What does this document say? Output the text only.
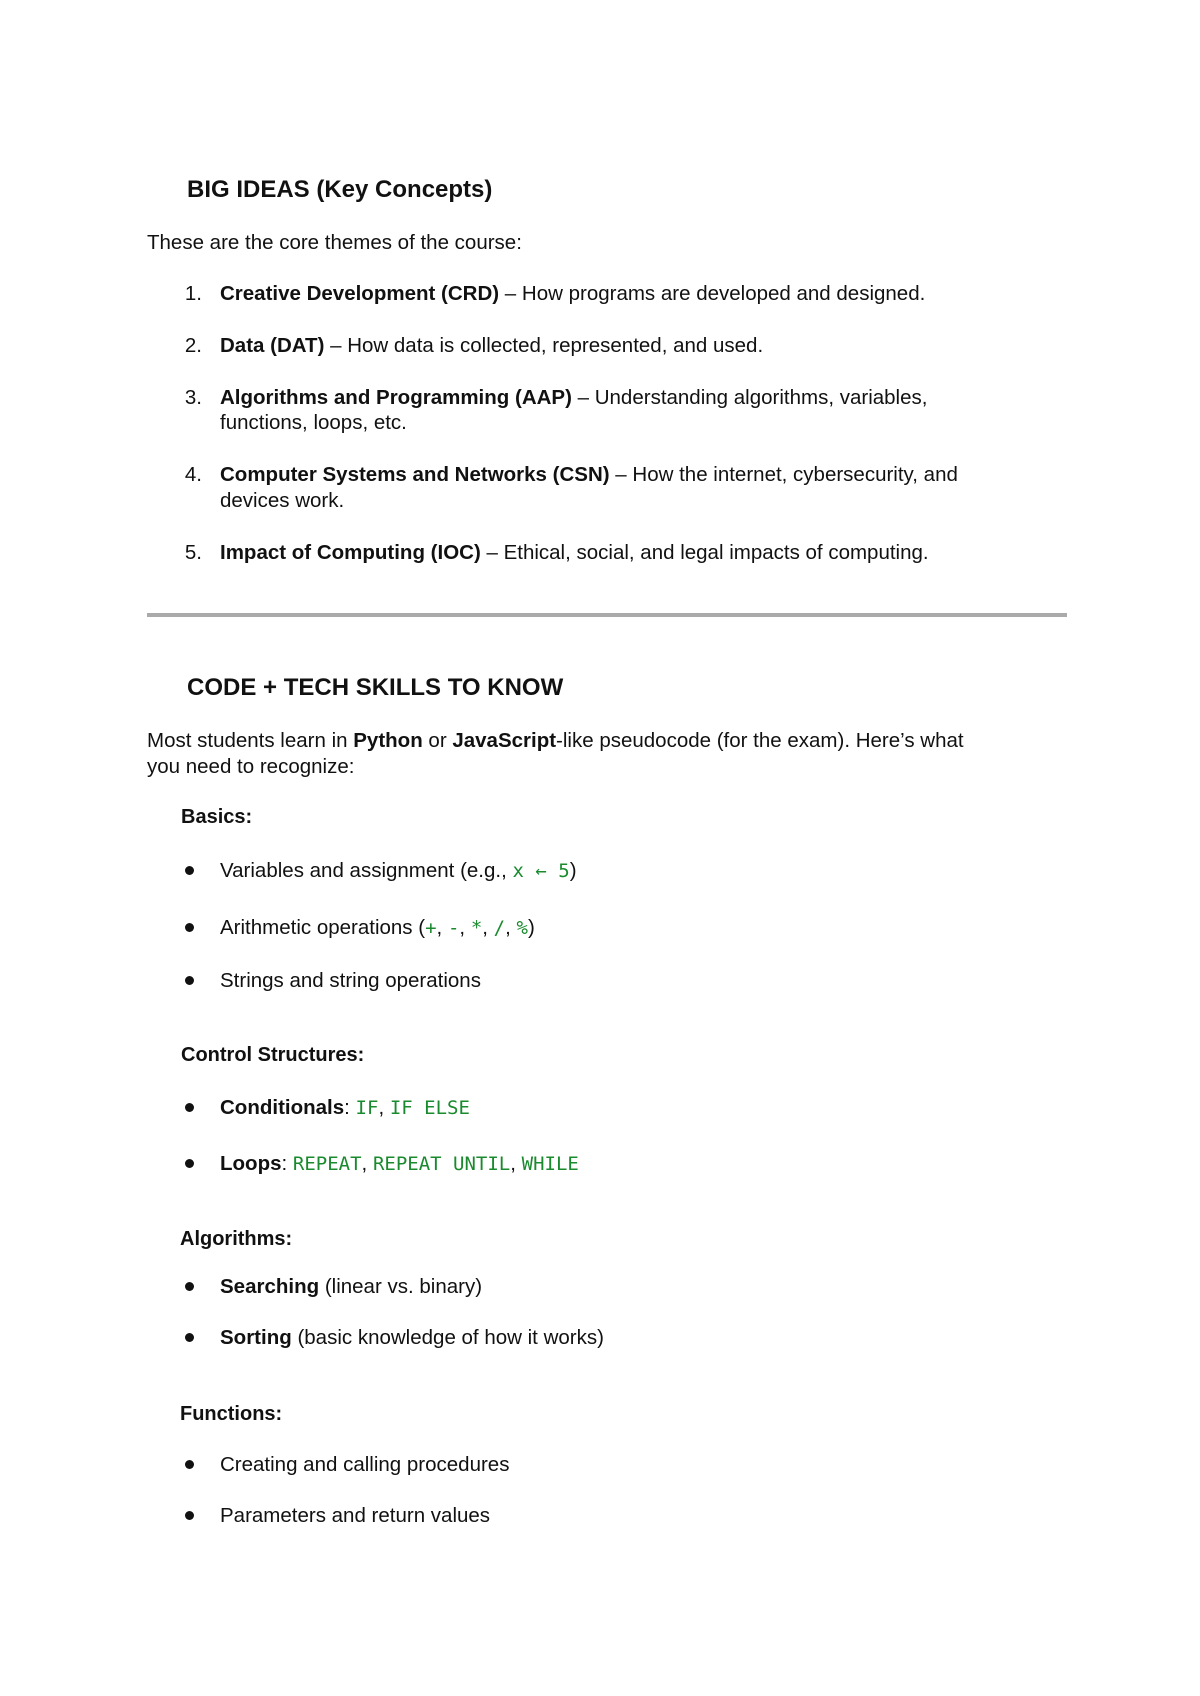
BIG IDEAS (Key Concepts)

These are the core themes of the course:

1. Creative Development (CRD) – How programs are developed and designed.
2. Data (DAT) – How data is collected, represented, and used.
3. Algorithms and Programming (AAP) – Understanding algorithms, variables,
functions, loops, etc.
4. Computer Systems and Networks (CSN) – How the internet, cybersecurity, and
devices work.
5. Impact of Computing (IOC) – Ethical, social, and legal impacts of computing.
CODE + TECH SKILLS TO KNOW

Most students learn in Python or JavaScript-like pseudocode (for the exam). Here’s what

you need to recognize:

Basics:
Variables and assignment (e.g., x ← 5)
Arithmetic operations (+, -, *, /, %)
Strings and string operations
Control Structures:
Conditionals: IF, IF ELSE
Loops: REPEAT, REPEAT UNTIL, WHILE
Algorithms:
Searching (linear vs. binary)
Sorting (basic knowledge of how it works)
Functions:
Creating and calling procedures
Parameters and return values
